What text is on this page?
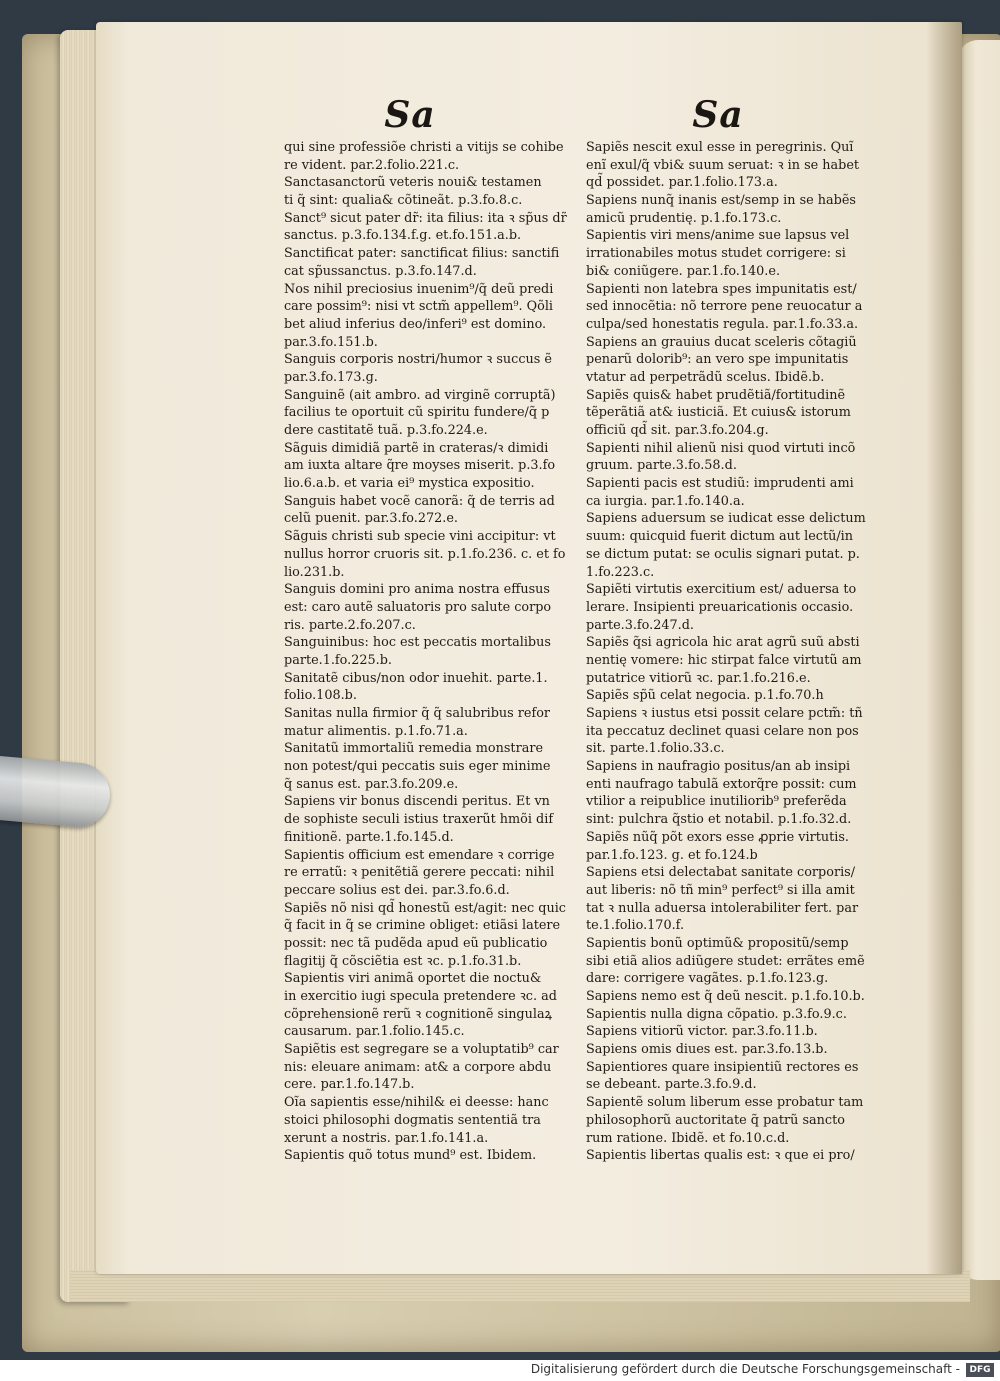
Sa	Sa
qui sine professiõe christi a vitijs se cohibe
re vident. par.2.folio.221.c.
Sanctasanctorũ veteris noui& testamen
ti q̃ sint: qualia& cõtineãt. p.3.fo.8.c.
Sanct⁹ sicut pater dr̃: ita filius: ita ꝛ sp̃us dr̃
sanctus. p.3.fo.134.f.g. et.fo.151.a.b.
Sanctificat pater: sanctificat filius: sanctifi
cat sp̃ussanctus. p.3.fo.147.d.
Nos nihil preciosius inuenim⁹/q̃ deũ predi
care possim⁹: nisi vt sctm̃ appellem⁹. Qõli
bet aliud inferius deo/inferi⁹ est domino.
par.3.fo.151.b.
Sanguis corporis nostri/humor ꝛ succus ẽ
par.3.fo.173.g.
Sanguinẽ (ait ambro. ad virginẽ corruptã)
facilius te oportuit cũ spiritu fundere/q̃ p
dere castitatẽ tuã. p.3.fo.224.e.
Sãguis dimidiã partẽ in crateras/ꝛ dimidi
am iuxta altare q̃re moyses miserit. p.3.fo
lio.6.a.b. et varia ei⁹ mystica expositio.
Sanguis habet vocẽ canorã: q̃ de terris ad
celũ puenit. par.3.fo.272.e.
Sãguis christi sub specie vini accipitur: vt
nullus horror cruoris sit. p.1.fo.236. c. et fo
lio.231.b.
Sanguis domini pro anima nostra effusus
est: caro autẽ saluatoris pro salute corpo
ris. parte.2.fo.207.c.
Sanguinibus: hoc est peccatis mortalibus
parte.1.fo.225.b.
Sanitatẽ cibus/non odor inuehit. parte.1.
folio.108.b.
Sanitas nulla firmior q̃ q̃ salubribus refor
matur alimentis. p.1.fo.71.a.
Sanitatũ immortaliũ remedia monstrare
non potest/qui peccatis suis eger minime
q̃ sanus est. par.3.fo.209.e.
Sapiens vir bonus discendi peritus. Et vn
de sophiste seculi istius traxerũt hmõi dif
finitionẽ. parte.1.fo.145.d.
Sapientis officium est emendare ꝛ corrige
re erratũ: ꝛ penitẽtiã gerere peccati: nihil
peccare solius est dei. par.3.fo.6.d.
Sapiẽs nõ nisi qd̃ honestũ est/agit: nec quic
q̃ facit in q̃ se crimine obliget: etiãsi latere
possit: nec tã pudẽda apud eũ publicatio
flagitij q̃ cõsciẽtia est ꝛc. p.1.fo.31.b.
Sapientis viri animã oportet die noctu&
in exercitio iugi specula pretendere ꝛc. ad
cõprehensionẽ rerũ ꝛ cognitionẽ singulaꝝ
causarum. par.1.folio.145.c.
Sapiẽtis est segregare se a voluptatib⁹ car
nis: eleuare animam: at& a corpore abdu
cere. par.1.fo.147.b.
Oĩa sapientis esse/nihil& ei deesse: hanc
stoici philosophi dogmatis sententiã tra
xerunt a nostris. par.1.fo.141.a.
Sapientis quõ totus mund⁹ est. Ibidem.
Sapiẽs nescit exul esse in peregrinis. Quĩ
enĩ exul/q̃ vbi& suum seruat: ꝛ in se habet
qd̃ possidet. par.1.folio.173.a.
Sapiens nunq̃ inanis est/semp in se habẽs
amicũ prudentię. p.1.fo.173.c.
Sapientis viri mens/anime sue lapsus vel
irrationabiles motus studet corrigere: si
bi& coniũgere. par.1.fo.140.e.
Sapienti non latebra spes impunitatis est/
sed innocẽtia: nõ terrore pene reuocatur a
culpa/sed honestatis regula. par.1.fo.33.a.
Sapiens an grauius ducat sceleris cõtagiũ
penarũ dolorib⁹: an vero spe impunitatis
vtatur ad perpetrãdũ scelus. Ibidẽ.b.
Sapiẽs quis& habet prudẽtiã/fortitudinẽ
tẽperãtiã at& iusticiã. Et cuius& istorum
officiũ qd̃ sit. par.3.fo.204.g.
Sapienti nihil alienũ nisi quod virtuti incõ
gruum. parte.3.fo.58.d.
Sapienti pacis est studiũ: imprudenti ami
ca iurgia. par.1.fo.140.a.
Sapiens aduersum se iudicat esse delictum
suum: quicquid fuerit dictum aut lectũ/in
se dictum putat: se oculis signari putat. p.
1.fo.223.c.
Sapiẽti virtutis exercitium est/ aduersa to
lerare. Insipienti preuaricationis occasio.
parte.3.fo.247.d.
Sapiẽs q̃si agricola hic arat agrũ suũ absti
nentię vomere: hic stirpat falce virtutũ am
putatrice vitiorũ ꝛc. par.1.fo.216.e.
Sapiẽs sp̃ũ celat negocia. p.1.fo.70.h
Sapiens ꝛ iustus etsi possit celare pctm̃: tñ
ita peccatuz declinet quasi celare non pos
sit. parte.1.folio.33.c.
Sapiens in naufragio positus/an ab insipi
enti naufrago tabulã extorq̃re possit: cum
vtilior a reipublice inutiliorib⁹ preferẽda
sint: pulchra q̃stio et notabil. p.1.fo.32.d.
Sapiẽs nũq̃ põt exors esse ꝓprie virtutis.
par.1.fo.123. g. et fo.124.b
Sapiens etsi delectabat sanitate corporis/
aut liberis: nõ tñ min⁹ perfect⁹ si illa amit
tat ꝛ nulla aduersa intolerabiliter fert. par
te.1.folio.170.f.
Sapientis bonũ optimũ& propositũ/semp
sibi etiã alios adiũgere studet: errãtes emẽ
dare: corrigere vagãtes. p.1.fo.123.g.
Sapiens nemo est q̃ deũ nescit. p.1.fo.10.b.
Sapientis nulla digna cõpatio. p.3.fo.9.c.
Sapiens vitiorũ victor. par.3.fo.11.b.
Sapiens omis diues est. par.3.fo.13.b.
Sapientiores quare insipientiũ rectores es
se debeant. parte.3.fo.9.d.
Sapientẽ solum liberum esse probatur tam
philosophorũ auctoritate q̃ patrũ sancto
rum ratione. Ibidẽ. et fo.10.c.d.
Sapientis libertas qualis est: ꝛ que ei pro/
Digitalisierung gefördert durch die Deutsche Forschungsgemeinschaft -	DFG
